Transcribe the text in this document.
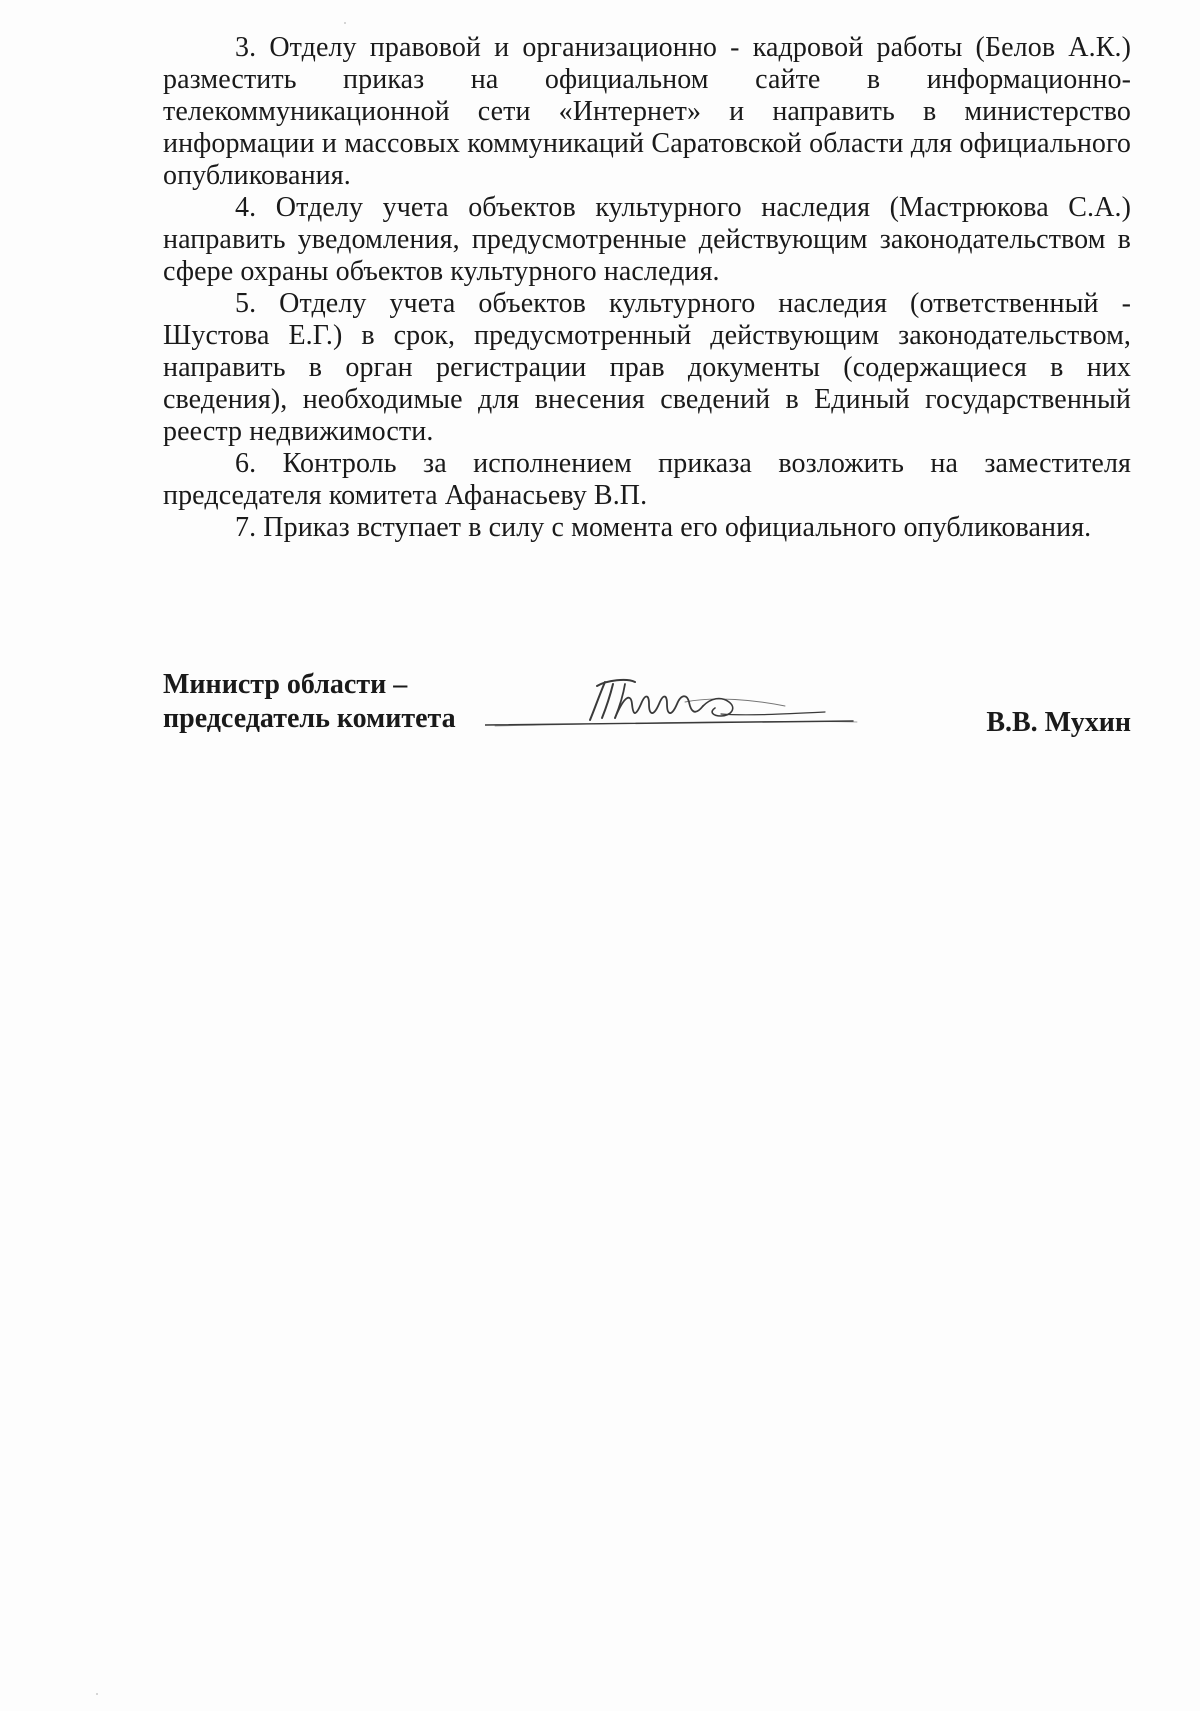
3. Отделу правовой и организационно - кадровой работы (Белов А.К.) разместить приказ на официальном сайте в информационно-телекоммуникационной сети «Интернет» и направить в министерство информации и массовых коммуникаций Саратовской области для официального опубликования.

4. Отделу учета объектов культурного наследия (Мастрюкова С.А.) направить уведомления, предусмотренные действующим законодательством в сфере охраны объектов культурного наследия.

5. Отделу учета объектов культурного наследия (ответственный - Шустова Е.Г.) в срок, предусмотренный действующим законодательством, направить в орган регистрации прав документы (содержащиеся в них сведения), необходимые для внесения сведений в Единый государственный реестр недвижимости.

6. Контроль за исполнением приказа возложить на заместителя председателя комитета Афанасьеву В.П.

7. Приказ вступает в силу с момента его официального опубликования.

Министр области –
председатель комитета	В.В. Мухин
